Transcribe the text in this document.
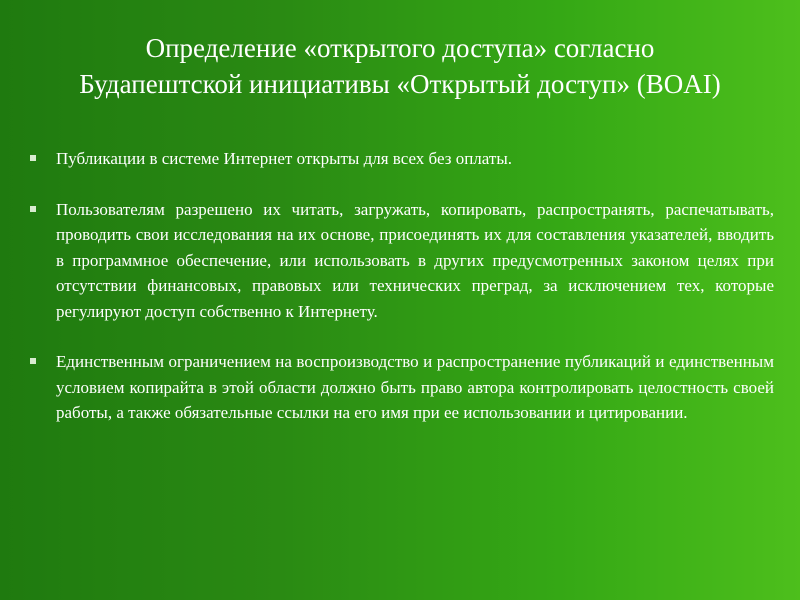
Определение «открытого доступа» согласно
Будапештской инициативы «Открытый доступ» (BOAI)
Публикации в системе Интернет открыты для всех без оплаты.
Пользователям разрешено их читать, загружать, копировать, распространять, распечатывать, проводить свои исследования на их основе, присоединять их для составления указателей, вводить в программное обеспечение, или использовать в других предусмотренных законом целях при отсутствии финансовых, правовых или технических преград, за исключением тех, которые регулируют доступ собственно к Интернету.
Единственным ограничением на воспроизводство и распространение публикаций и единственным условием копирайта в этой области должно быть право автора контролировать целостность своей работы, а также обязательные ссылки на его имя при ее использовании и цитировании.
